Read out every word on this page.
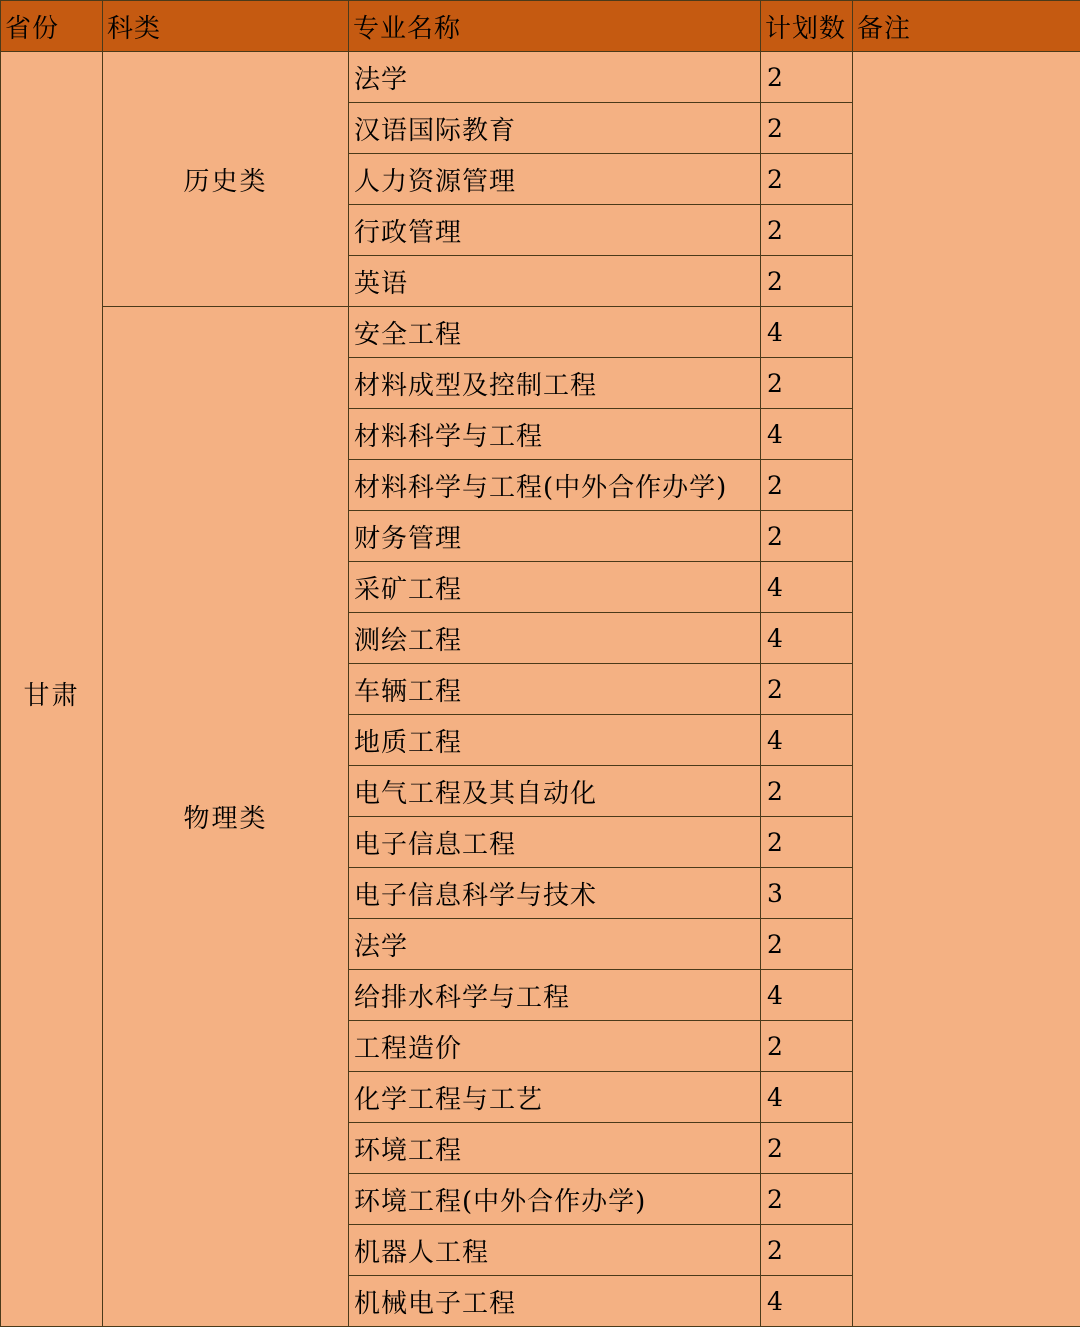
省份	科类	专业名称	计划数	备注
甘肃	历史类	法学	2	
		汉语国际教育	2	
		人力资源管理	2	
		行政管理	2	
		英语	2	
	物理类	安全工程	4	
		材料成型及控制工程	2	
		材料科学与工程	4	
		材料科学与工程(中外合作办学)	2	
		财务管理	2	
		采矿工程	4	
		测绘工程	4	
		车辆工程	2	
		地质工程	4	
		电气工程及其自动化	2	
		电子信息工程	2	
		电子信息科学与技术	3	
		法学	2	
		给排水科学与工程	4	
		工程造价	2	
		化学工程与工艺	4	
		环境工程	2	
		环境工程(中外合作办学)	2	
		机器人工程	2	
		机械电子工程	4	
